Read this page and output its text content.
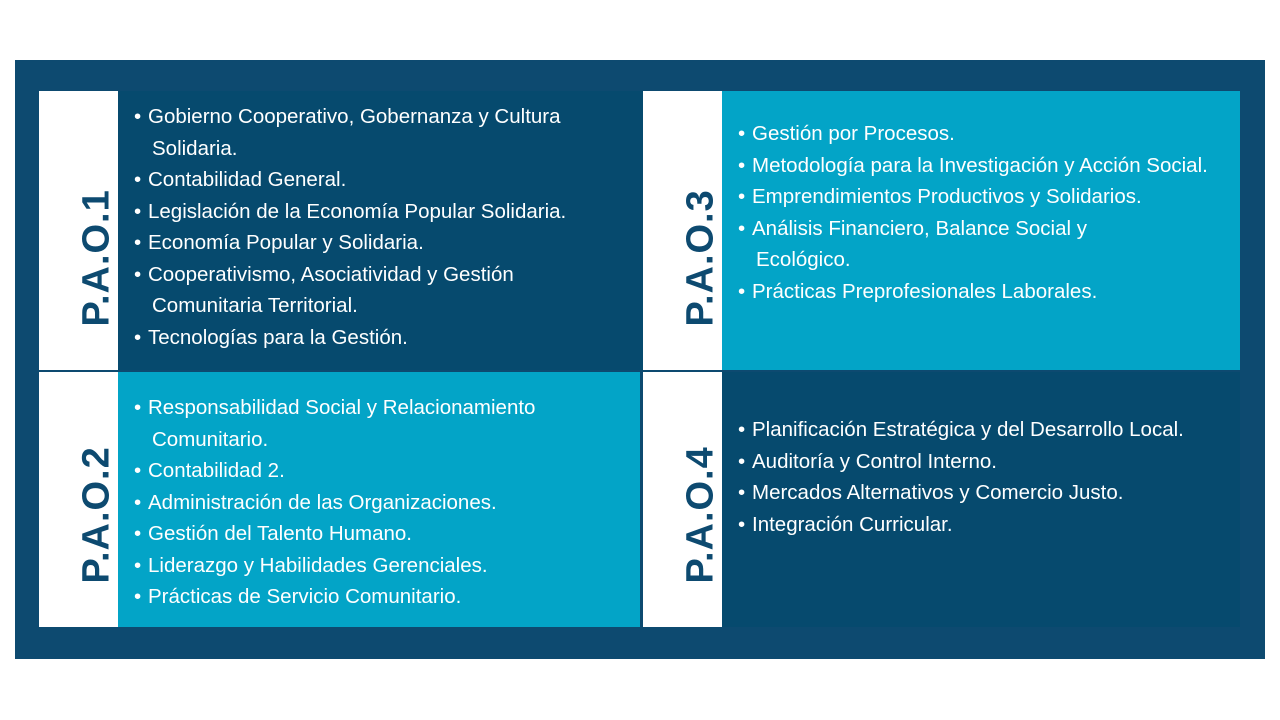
P.A.O.1
• Gobierno Cooperativo, Gobernanza y Cultura Solidaria.
• Contabilidad General.
• Legislación de la Economía Popular Solidaria.
• Economía Popular y Solidaria.
• Cooperativismo, Asociatividad y Gestión Comunitaria Territorial.
• Tecnologías para la Gestión.
P.A.O.2
• Responsabilidad Social y Relacionamiento Comunitario.
• Contabilidad 2.
• Administración de las Organizaciones.
• Gestión del Talento Humano.
• Liderazgo y Habilidades Gerenciales.
• Prácticas de Servicio Comunitario.
P.A.O.3
• Gestión por Procesos.
• Metodología para la Investigación y Acción Social.
• Emprendimientos Productivos y Solidarios.
• Análisis Financiero, Balance Social y Ecológico.
• Prácticas Preprofesionales Laborales.
P.A.O.4
• Planificación Estratégica y del Desarrollo Local.
• Auditoría y Control Interno.
• Mercados Alternativos y Comercio Justo.
• Integración Curricular.
